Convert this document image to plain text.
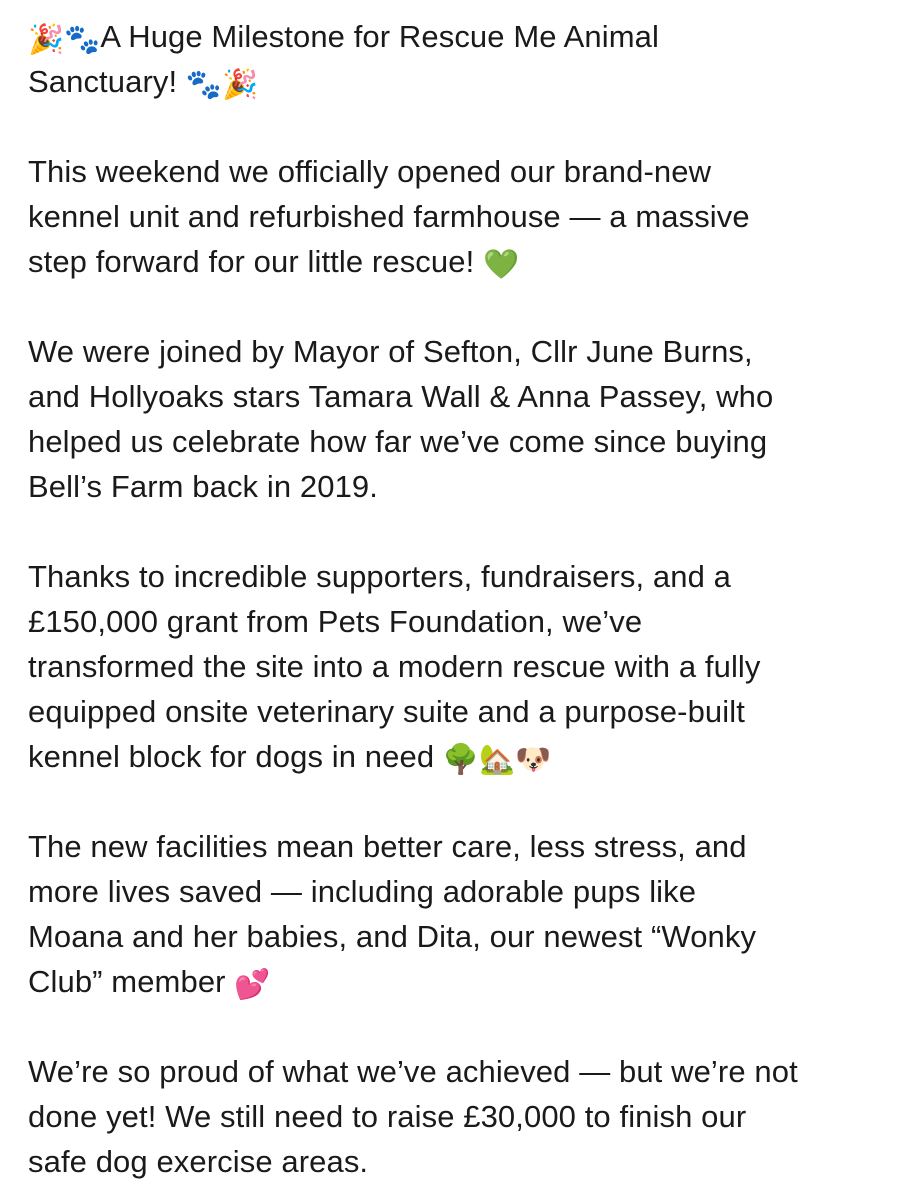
🎉🐾A Huge Milestone for Rescue Me Animal
Sanctuary! 🐾🎉

This weekend we officially opened our brand-new
kennel unit and refurbished farmhouse — a massive
step forward for our little rescue! 💚

We were joined by Mayor of Sefton, Cllr June Burns,
and Hollyoaks stars Tamara Wall & Anna Passey, who
helped us celebrate how far we’ve come since buying
Bell’s Farm back in 2019.

Thanks to incredible supporters, fundraisers, and a
£150,000 grant from Pets Foundation, we’ve
transformed the site into a modern rescue with a fully
equipped onsite veterinary suite and a purpose-built
kennel block for dogs in need 🌳🏡🐶

The new facilities mean better care, less stress, and
more lives saved — including adorable pups like
Moana and her babies, and Dita, our newest “Wonky
Club” member 💕

We’re so proud of what we’ve achieved — but we’re not
done yet! We still need to raise £30,000 to finish our
safe dog exercise areas.
